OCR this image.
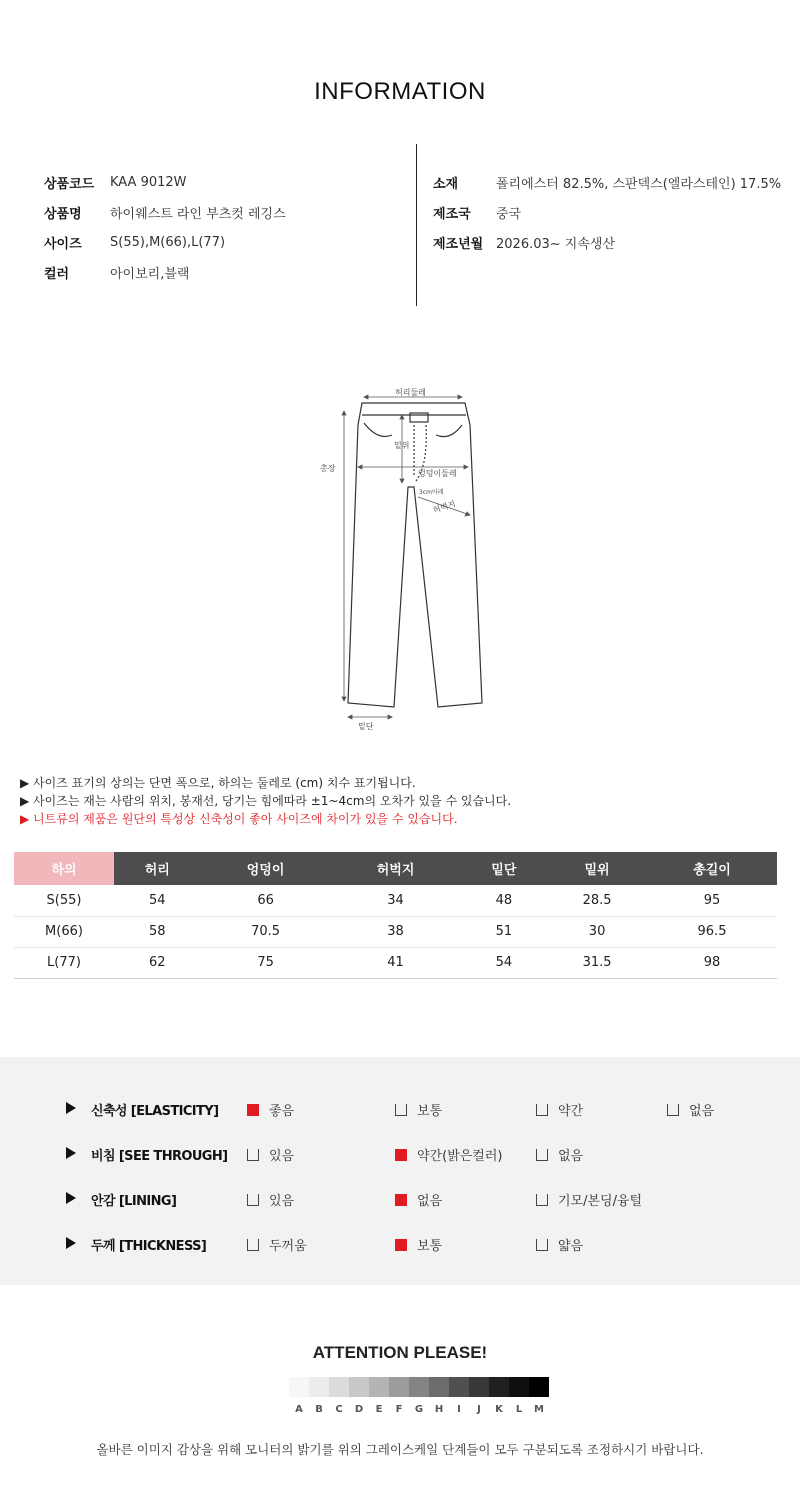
INFORMATION
상품코드	KAA 9012W
상품명	하이웨스트 라인 부츠컷 레깅스
사이즈	S(55),M(66),L(77)
컬러	아이보리,블랙
소재	폴리에스터 82.5%, 스판덱스(엘라스테인) 17.5%
제조국	중국
제조년월 2026.03~ 지속생산
허리둘레
총장
밑위
엉덩이둘레
3cm아래
허벅지
밑단
▶ 사이즈 표기의 상의는 단면 폭으로, 하의는 둘레로 (cm) 치수 표기됩니다.
▶ 사이즈는 재는 사람의 위치, 봉재선, 당기는 힘에따라 ±1~4cm의 오차가 있을 수 있습니다.
▶ 니트류의 제품은 원단의 특성상 신축성이 좋아 사이즈에 차이가 있을 수 있습니다.
하의	허리	엉덩이	허벅지	밑단	밑위	총길이
S(55)	54	66	34	48	28.5	95
M(66)	58	70.5	38	51	30	96.5
L(77)	62	75	41	54	31.5	98
신축성 [ELASTICITY]	좋음	보통	약간	없음
비침 [SEE THROUGH]	있음	약간(밝은컬러)	없음
안감 [LINING]	있음	없음	기모/본딩/융털
두께 [THICKNESS]	두꺼움	보통	얇음
ATTENTION PLEASE!
A	B	C	D	E	F	G	H	I	J	K	L	M
올바른 이미지 감상을 위해 모니터의 밝기를 위의 그레이스케일 단계들이 모두 구분되도록 조정하시기 바랍니다.
